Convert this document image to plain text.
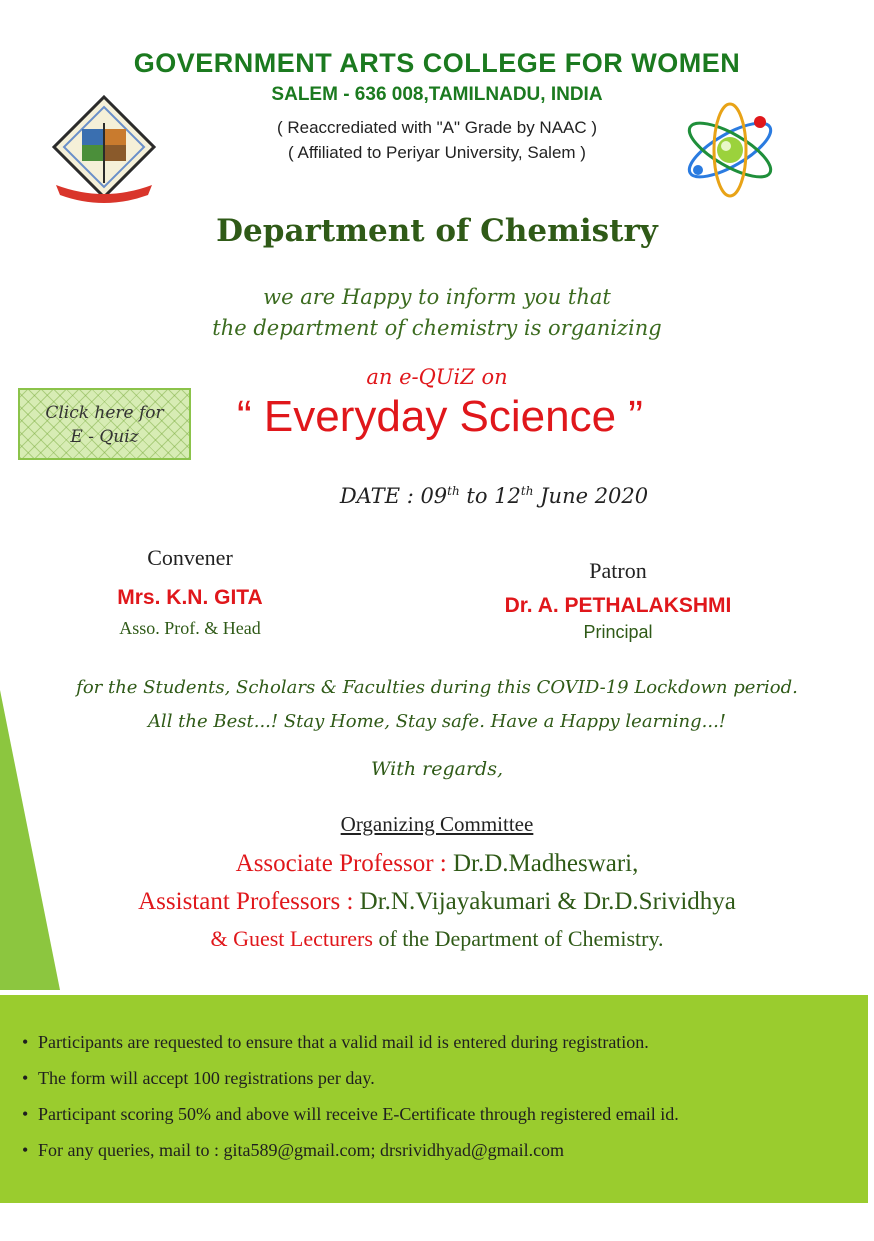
GOVERNMENT ARTS COLLEGE FOR WOMEN
SALEM - 636 008,TAMILNADU, INDIA
( Reaccrediated with "A" Grade by NAAC )
( Affiliated to Periyar University, Salem )
Department of Chemistry
we are Happy to inform you that
the department of chemistry is organizing
an e-QUiZ on
Click here for
E - Quiz	“ Everyday Science ”
DATE : 09th to 12th June 2020
Convener
Mrs. K.N. GITA
Asso. Prof. & Head
Patron
Dr. A. PETHALAKSHMI
Principal
for the Students, Scholars & Faculties during this COVID-19 Lockdown period.
All the Best...! Stay Home, Stay safe. Have a Happy learning...!
With regards,
Organizing Committee
Associate Professor : Dr.D.Madheswari,
Assistant Professors : Dr.N.Vijayakumari & Dr.D.Srividhya
& Guest Lecturers of the Department of Chemistry.
• Participants are requested to ensure that a valid mail id is entered during registration.
• The form will accept 100 registrations per day.
• Participant scoring 50% and above will receive E-Certificate through registered email id.
• For any queries, mail to : gita589@gmail.com; drsrividhyad@gmail.com
